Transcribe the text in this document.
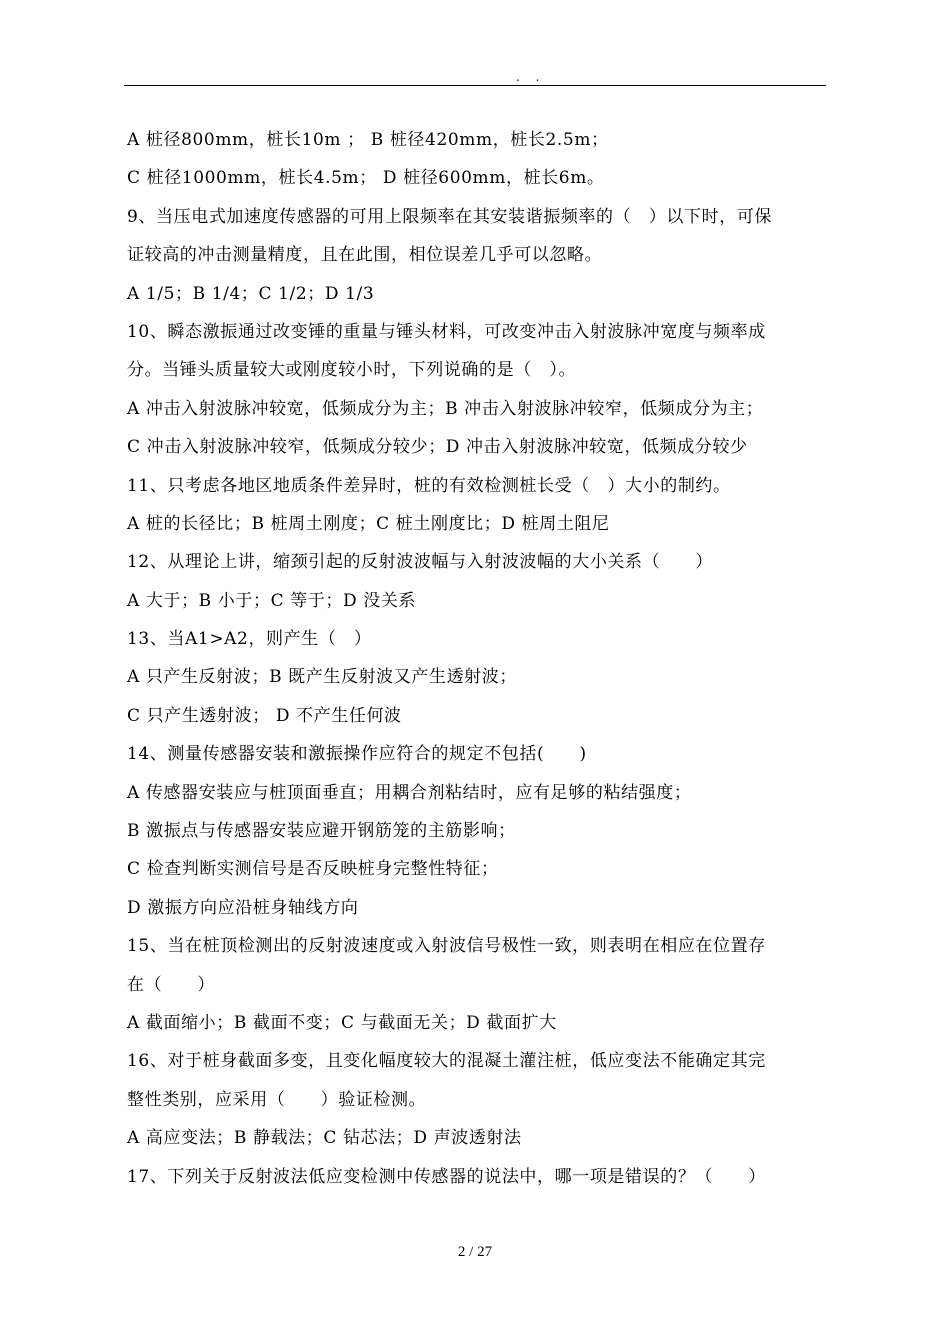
. .
A 桩径800mm，桩长10m ； B 桩径420mm，桩长2.5m；
C 桩径1000mm，桩长4.5m； D 桩径600mm，桩长6m。
9、当压电式加速度传感器的可用上限频率在其安装谐振频率的（　）以下时，可保
证较高的冲击测量精度，且在此围，相位误差几乎可以忽略。
A 1/5；B 1/4；C 1/2；D 1/3
10、瞬态激振通过改变锤的重量与锤头材料，可改变冲击入射波脉冲宽度与频率成
分。当锤头质量较大或刚度较小时，下列说确的是（　）。
A 冲击入射波脉冲较宽，低频成分为主；B 冲击入射波脉冲较窄，低频成分为主；
C 冲击入射波脉冲较窄，低频成分较少；D 冲击入射波脉冲较宽，低频成分较少
11、只考虑各地区地质条件差异时，桩的有效检测桩长受（　）大小的制约。
A 桩的长径比；B 桩周土刚度；C 桩土刚度比；D 桩周土阻尼
12、从理论上讲，缩颈引起的反射波波幅与入射波波幅的大小关系（　　）
A 大于；B 小于；C 等于；D 没关系
13、当A1>A2，则产生（　）
A 只产生反射波；B 既产生反射波又产生透射波；
C 只产生透射波； D 不产生任何波
14、测量传感器安装和激振操作应符合的规定不包括(　　)
A 传感器安装应与桩顶面垂直；用耦合剂粘结时，应有足够的粘结强度；
B 激振点与传感器安装应避开钢筋笼的主筋影响；
C 检查判断实测信号是否反映桩身完整性特征；
D 激振方向应沿桩身轴线方向
15、当在桩顶检测出的反射波速度或入射波信号极性一致，则表明在相应在位置存
在（　　）
A 截面缩小；B 截面不变；C 与截面无关；D 截面扩大
16、对于桩身截面多变，且变化幅度较大的混凝土灌注桩，低应变法不能确定其完
整性类别，应采用（　　）验证检测。
A 高应变法；B 静载法；C 钻芯法；D 声波透射法
17、下列关于反射波法低应变检测中传感器的说法中，哪一项是错误的？（　　）
2 / 27
